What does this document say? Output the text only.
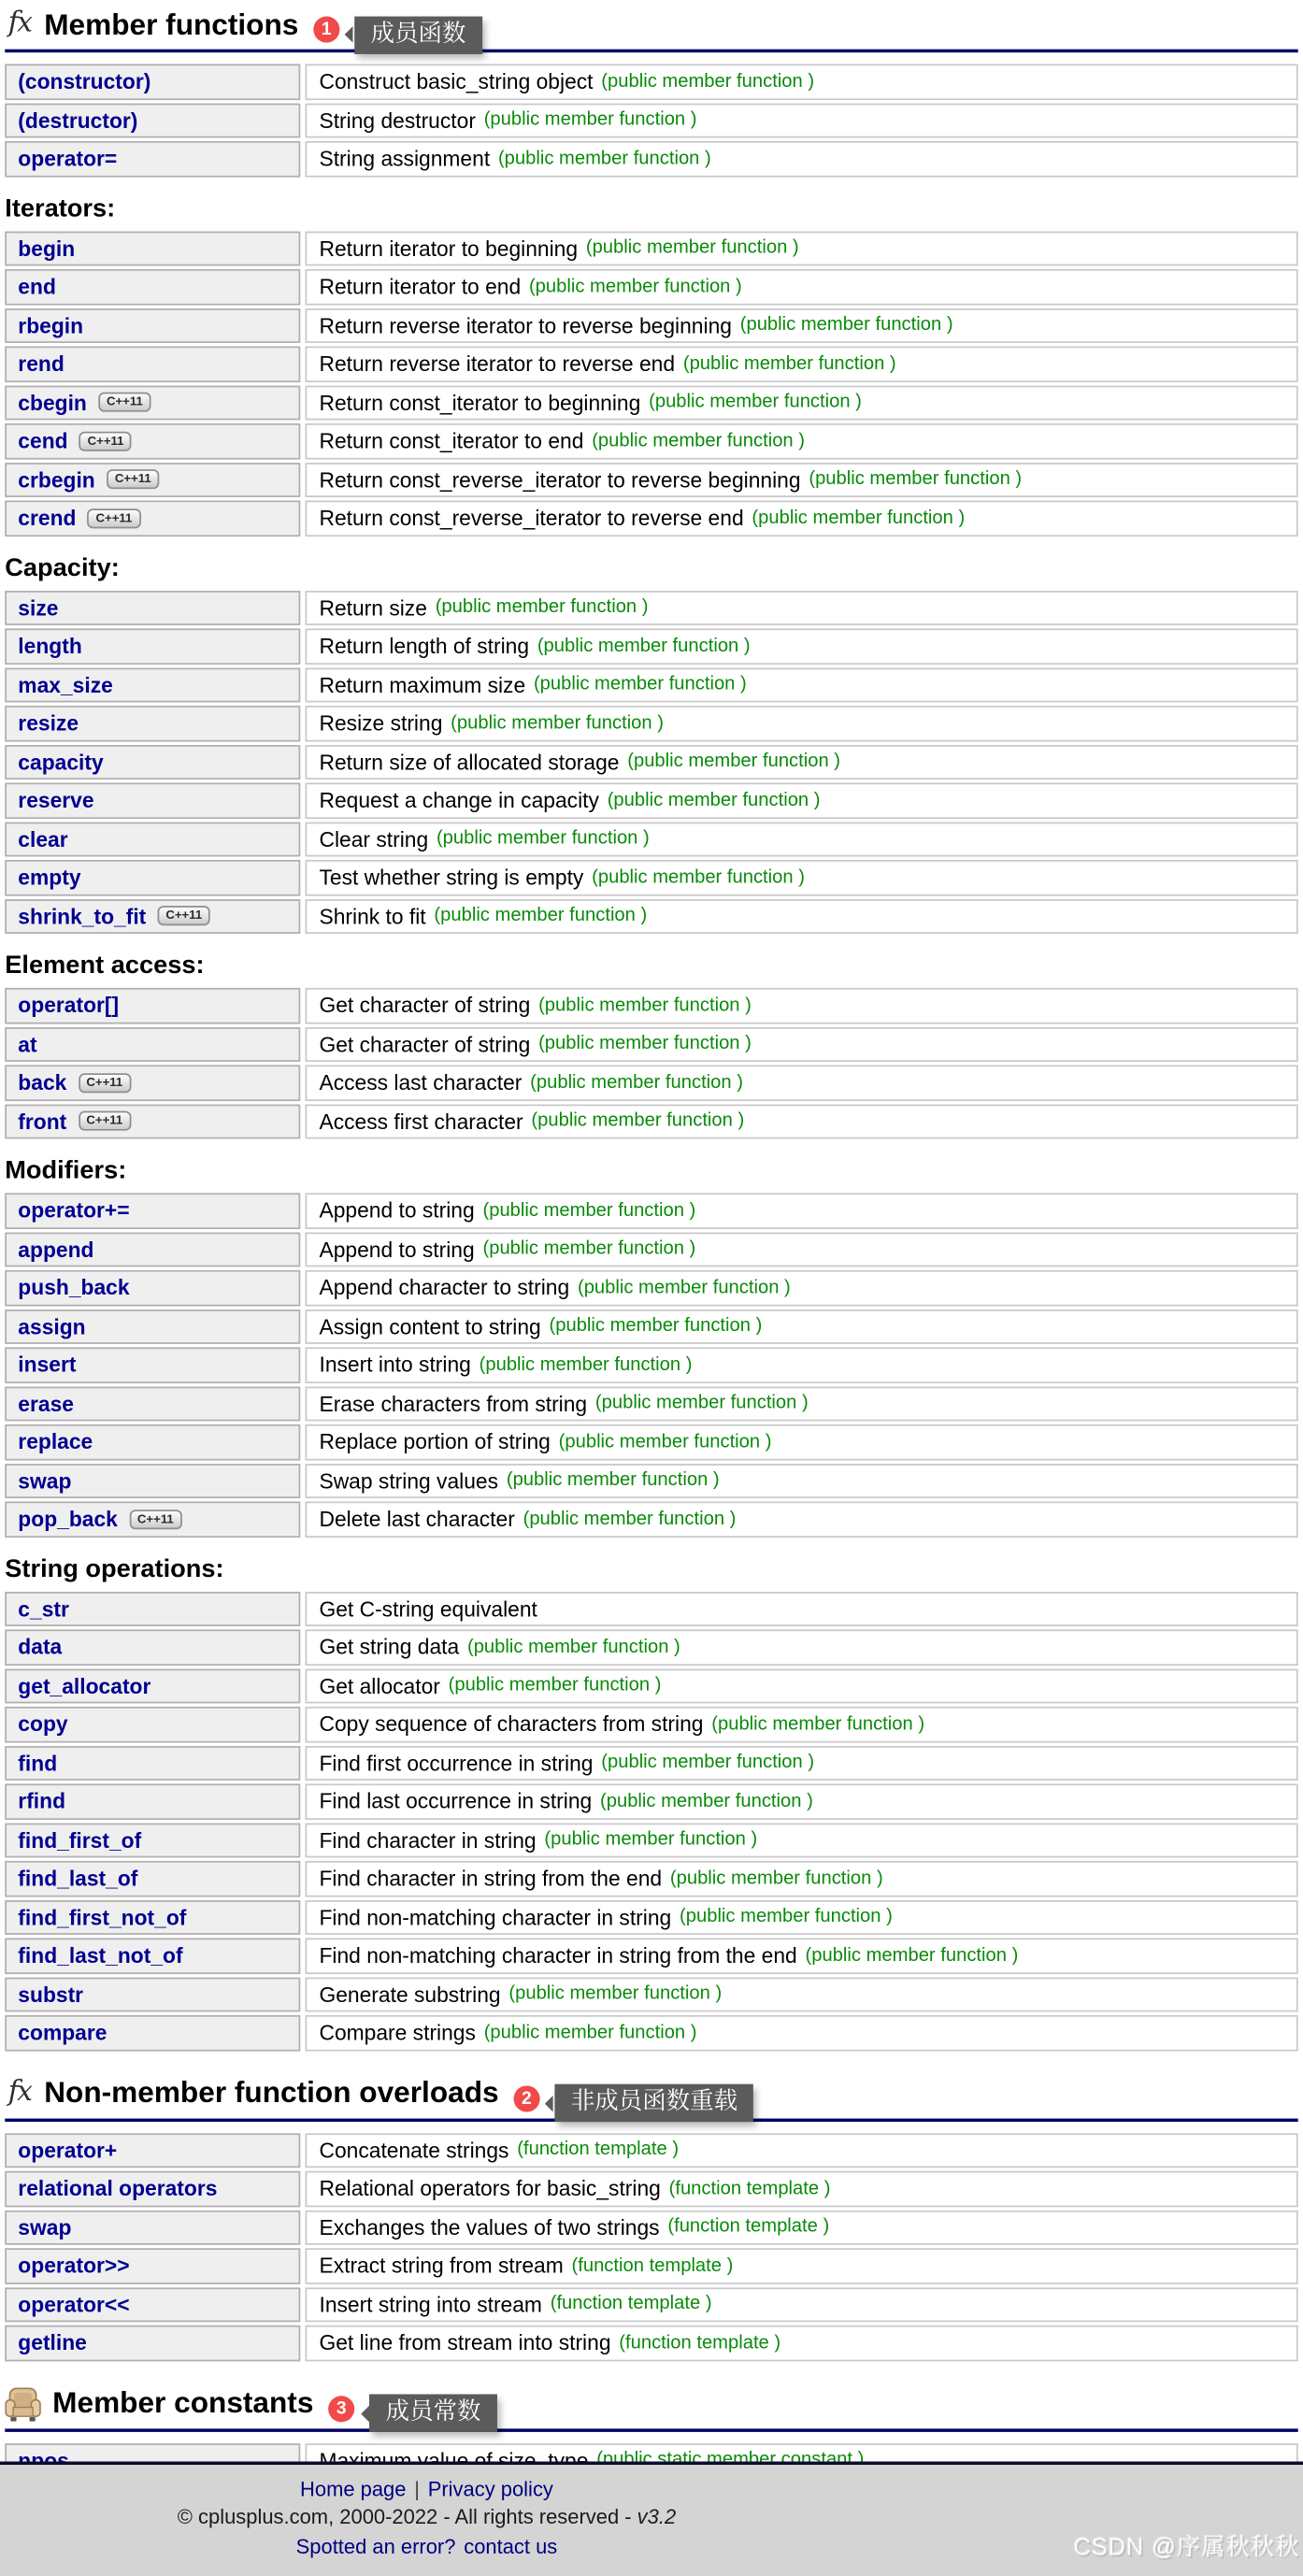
fx Member functions	1	成员函数
(constructor)	Construct basic_string object (public member function )
(destructor)	String destructor (public member function )
operator=	String assignment (public member function )
Iterators:
begin	Return iterator to beginning (public member function )
end	Return iterator to end (public member function )
rbegin	Return reverse iterator to reverse beginning (public member function )
rend	Return reverse iterator to reverse end (public member function )
cbegin	C++11	Return const_iterator to beginning (public member function )
cend	C++11	Return const_iterator to end (public member function )
crbegin	C++11	Return const_reverse_iterator to reverse beginning (public member function )
crend	C++11	Return const_reverse_iterator to reverse end (public member function )
Capacity:
size	Return size (public member function )
length	Return length of string (public member function )
max_size	Return maximum size (public member function )
resize	Resize string (public member function )
capacity	Return size of allocated storage (public member function )
reserve	Request a change in capacity (public member function )
clear	Clear string (public member function )
empty	Test whether string is empty (public member function )
shrink_to_fit	C++11	Shrink to fit (public member function )
Element access:
operator[]	Get character of string (public member function )
at	Get character of string (public member function )
back	C++11	Access last character (public member function )
front	C++11	Access first character (public member function )
Modifiers:
operator+=	Append to string (public member function )
append	Append to string (public member function )
push_back	Append character to string (public member function )
assign	Assign content to string (public member function )
insert	Insert into string (public member function )
erase	Erase characters from string (public member function )
replace	Replace portion of string (public member function )
swap	Swap string values (public member function )
pop_back	C++11	Delete last character (public member function )
String operations:
c_str	Get C-string equivalent
data	Get string data (public member function )
get_allocator	Get allocator (public member function )
copy	Copy sequence of characters from string (public member function )
find	Find first occurrence in string (public member function )
rfind	Find last occurrence in string (public member function )
find_first_of	Find character in string (public member function )
find_last_of	Find character in string from the end (public member function )
find_first_not_of	Find non-matching character in string (public member function )
find_last_not_of	Find non-matching character in string from the end (public member function )
substr	Generate substring (public member function )
compare	Compare strings (public member function )
fx Non-member function overloads	2	非成员函数重载
operator+	Concatenate strings (function template )
relational operators	Relational operators for basic_string (function template )
swap	Exchanges the values of two strings (function template )
operator>>	Extract string from stream (function template )
operator<<	Insert string into stream (function template )
getline	Get line from stream into string (function template )
Member constants	3	成员常数
Home page | Privacy policy
© cplusplus.com, 2000-2022 - All rights reserved - v3.2
Spotted an error? contact us	CSDN @序属秋秋秋
